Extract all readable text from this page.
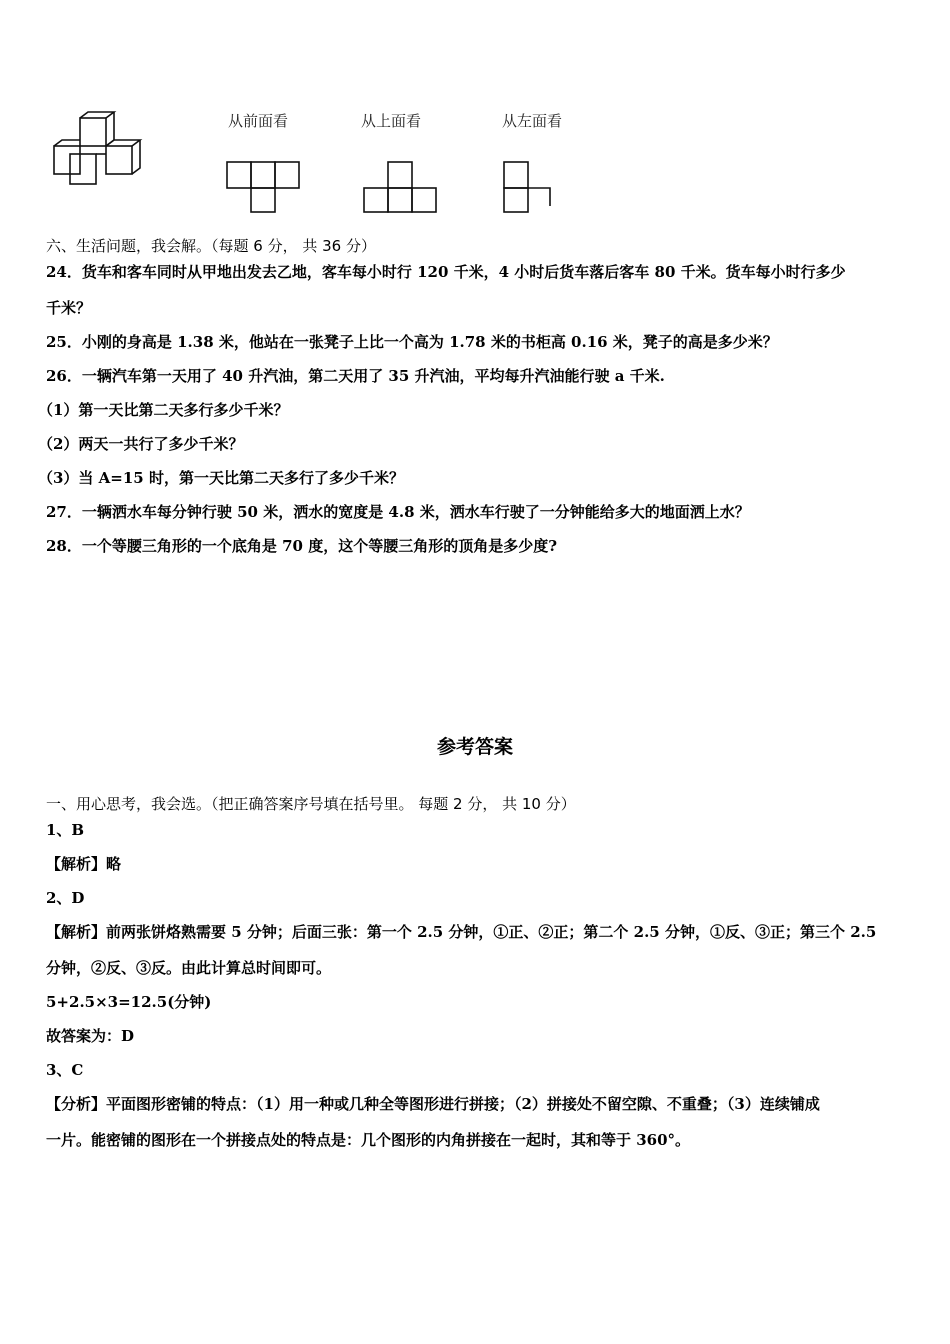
从前面看	从上面看	从左面看
六、生活问题，我会解。（每题 6 分， 共 36 分）
24．货车和客车同时从甲地出发去乙地，客车每小时行 120 千米，4 小时后货车落后客车 80 千米。货车每小时行多少
千米？
25．小刚的身高是 1.38 米，他站在一张凳子上比一个高为 1.78 米的书柜高 0.16 米，凳子的高是多少米？
26．一辆汽车第一天用了 40 升汽油，第二天用了 35 升汽油，平均每升汽油能行驶 a 千米.
（1）第一天比第二天多行多少千米？
（2）两天一共行了多少千米？
（3）当 A=15 时，第一天比第二天多行了多少千米？
27．一辆洒水车每分钟行驶 50 米，洒水的宽度是 4.8 米，洒水车行驶了一分钟能给多大的地面洒上水？
28．一个等腰三角形的一个底角是 70 度，这个等腰三角形的顶角是多少度?
参考答案
一、用心思考，我会选。（把正确答案序号填在括号里。 每题 2 分， 共 10 分）
1、B
【解析】略
2、D
【解析】前两张饼烙熟需要 5 分钟；后面三张：第一个 2.5 分钟，①正、②正；第二个 2.5 分钟，①反、③正；第三个 2.5
分钟，②反、③反。由此计算总时间即可。
5+2.5×3=12.5(分钟)
故答案为：D
3、C
【分析】平面图形密铺的特点：（1）用一种或几种全等图形进行拼接；（2）拼接处不留空隙、不重叠；（3）连续铺成
一片。能密铺的图形在一个拼接点处的特点是：几个图形的内角拼接在一起时，其和等于 360°。
